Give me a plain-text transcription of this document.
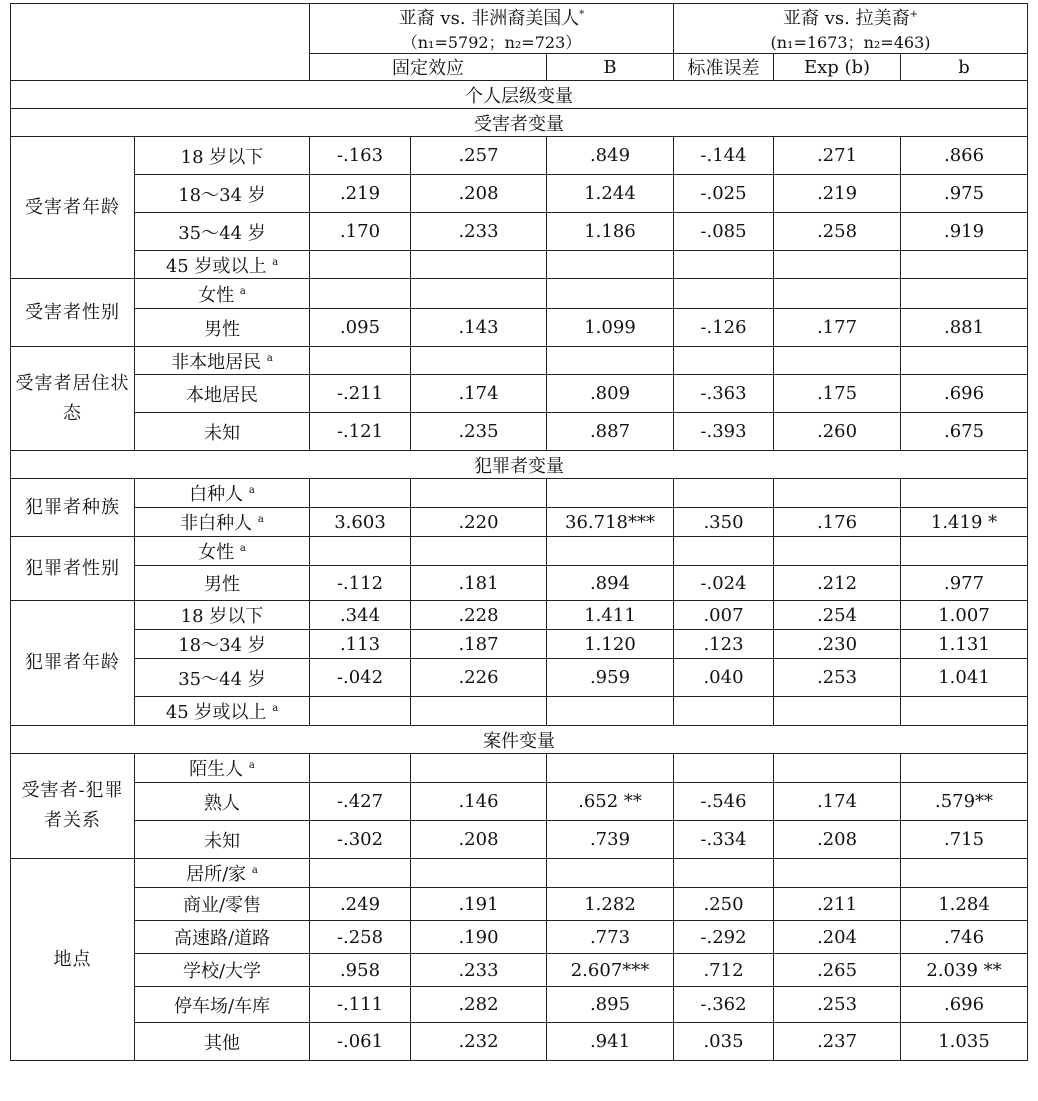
		亚裔 vs. 非洲裔美国人*
（n₁=5792；n₂=723）			亚裔 vs. 拉美裔+
(n₁=1673；n₂=463)			
		固定效应		B	标准误差	Exp (b)	b		
个人层级变量								
受害者变量								
受害者年龄	18 岁以下	-.163	.257	.849	-.144	.271	.866	
	18～34 岁	.219	.208	1.244	-.025	.219	.975	
	35～44 岁	.170	.233	1.186	-.085	.258	.919	
	45 岁或以上 $^a$						
受害者性别	女性 $^a$						
	男性	.095	.143	1.099	-.126	.177	.881	
受害者居住状态	非本地居民 $^a$						
	本地居民	-.211	.174	.809	-.363	.175	.696	
	未知	-.121	.235	.887	-.393	.260	.675	
犯罪者变量								
犯罪者种族	白种人 $^a$						
	非白种人 $^a$	3.603	.220	36.718***	.350	.176	1.419 *	
犯罪者性别	女性 $^a$						
	男性	-.112	.181	.894	-.024	.212	.977	
犯罪者年龄	18 岁以下	.344	.228	1.411	.007	.254	1.007	
	18～34 岁	.113	.187	1.120	.123	.230	1.131	
	35～44 岁	-.042	.226	.959	.040	.253	1.041	
	45 岁或以上 $^a$						
案件变量								
受害者-犯罪者关系	陌生人 $^a$						
	熟人	-.427	.146	.652 **	-.546	.174	.579**	
	未知	-.302	.208	.739	-.334	.208	.715	
地点	居所/家 $^a$						
	商业/零售	.249	.191	1.282	.250	.211	1.284	
	高速路/道路	-.258	.190	.773	-.292	.204	.746	
	学校/大学	.958	.233	2.607***	.712	.265	2.039 **	
	停车场/车库	-.111	.282	.895	-.362	.253	.696	
	其他	-.061	.232	.941	.035	.237	1.035	
